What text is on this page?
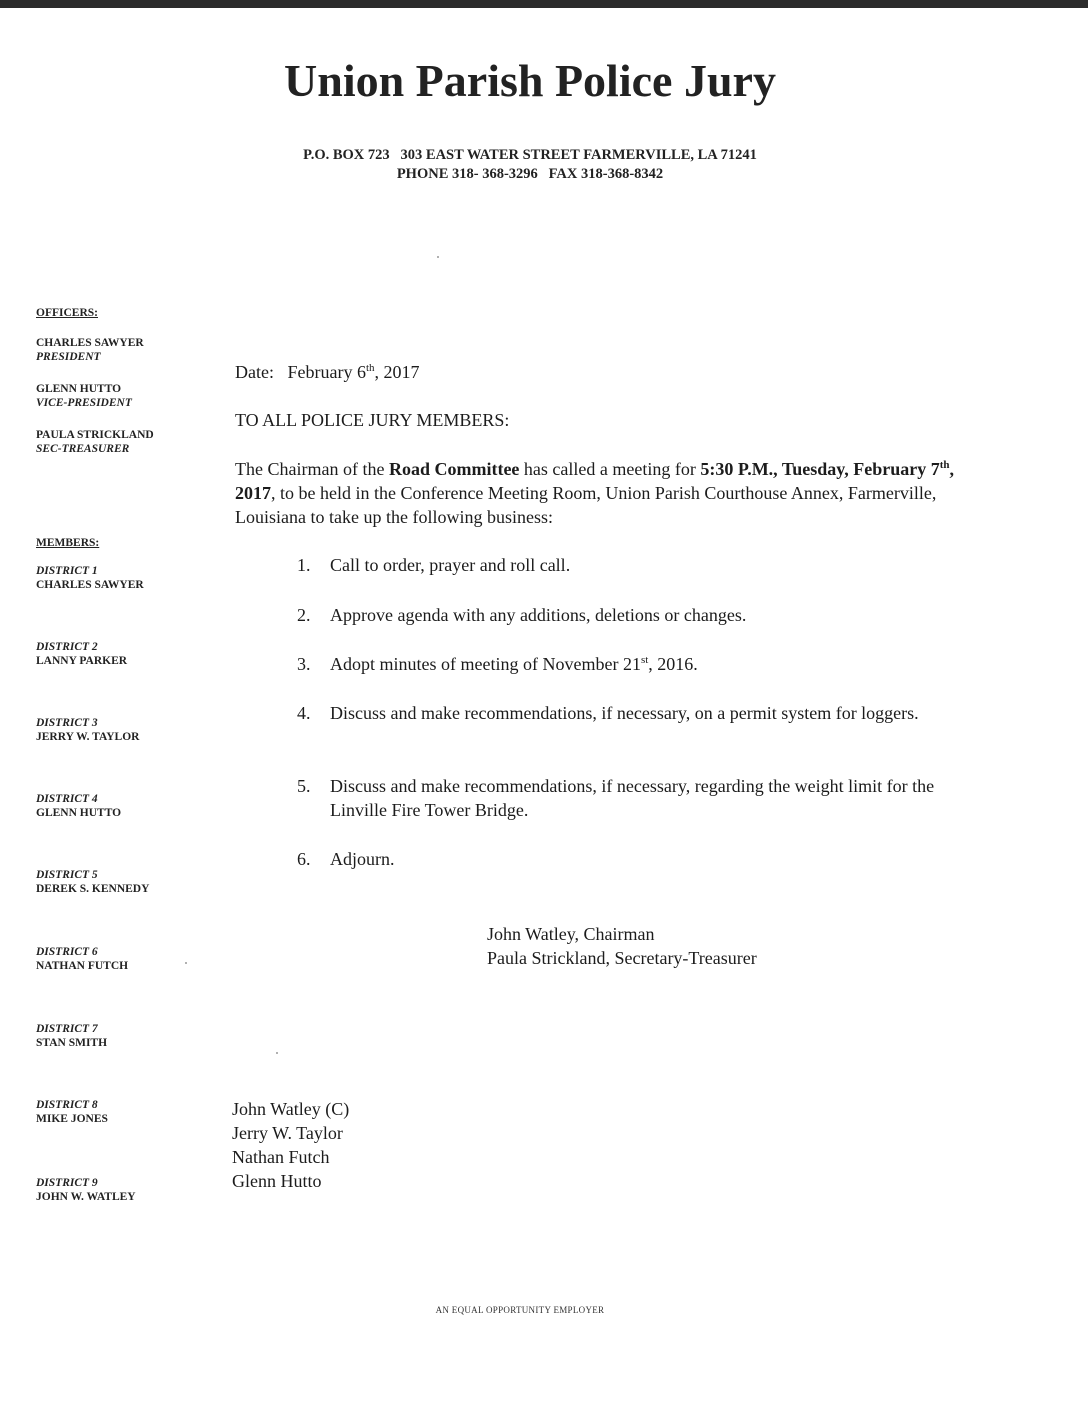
Union Parish Police Jury
P.O. BOX 723   303 EAST WATER STREET FARMERVILLE, LA 71241
PHONE 318- 368-3296   FAX 318-368-8342
OFFICERS:
CHARLES SAWYER
PRESIDENT
GLENN HUTTO
VICE-PRESIDENT
PAULA STRICKLAND
SEC-TREASURER
MEMBERS:
DISTRICT 1
CHARLES SAWYER
DISTRICT 2
LANNY PARKER
DISTRICT 3
JERRY W. TAYLOR
DISTRICT 4
GLENN HUTTO
DISTRICT 5
DEREK S. KENNEDY
DISTRICT 6
NATHAN FUTCH
DISTRICT 7
STAN SMITH
DISTRICT 8
MIKE JONES
DISTRICT 9
JOHN W. WATLEY
Date: February 6th, 2017
TO ALL POLICE JURY MEMBERS:
The Chairman of the Road Committee has called a meeting for 5:30 P.M., Tuesday, February 7th, 2017, to be held in the Conference Meeting Room, Union Parish Courthouse Annex, Farmerville, Louisiana to take up the following business:
1.	Call to order, prayer and roll call.
2.	Approve agenda with any additions, deletions or changes.
3.	Adopt minutes of meeting of November 21st, 2016.
4.	Discuss and make recommendations, if necessary, on a permit system for loggers.
5.	Discuss and make recommendations, if necessary, regarding the weight limit for the Linville Fire Tower Bridge.
6.	Adjourn.
John Watley, Chairman
Paula Strickland, Secretary-Treasurer
John Watley (C)
Jerry W. Taylor
Nathan Futch
Glenn Hutto
AN EQUAL OPPORTUNITY EMPLOYER
